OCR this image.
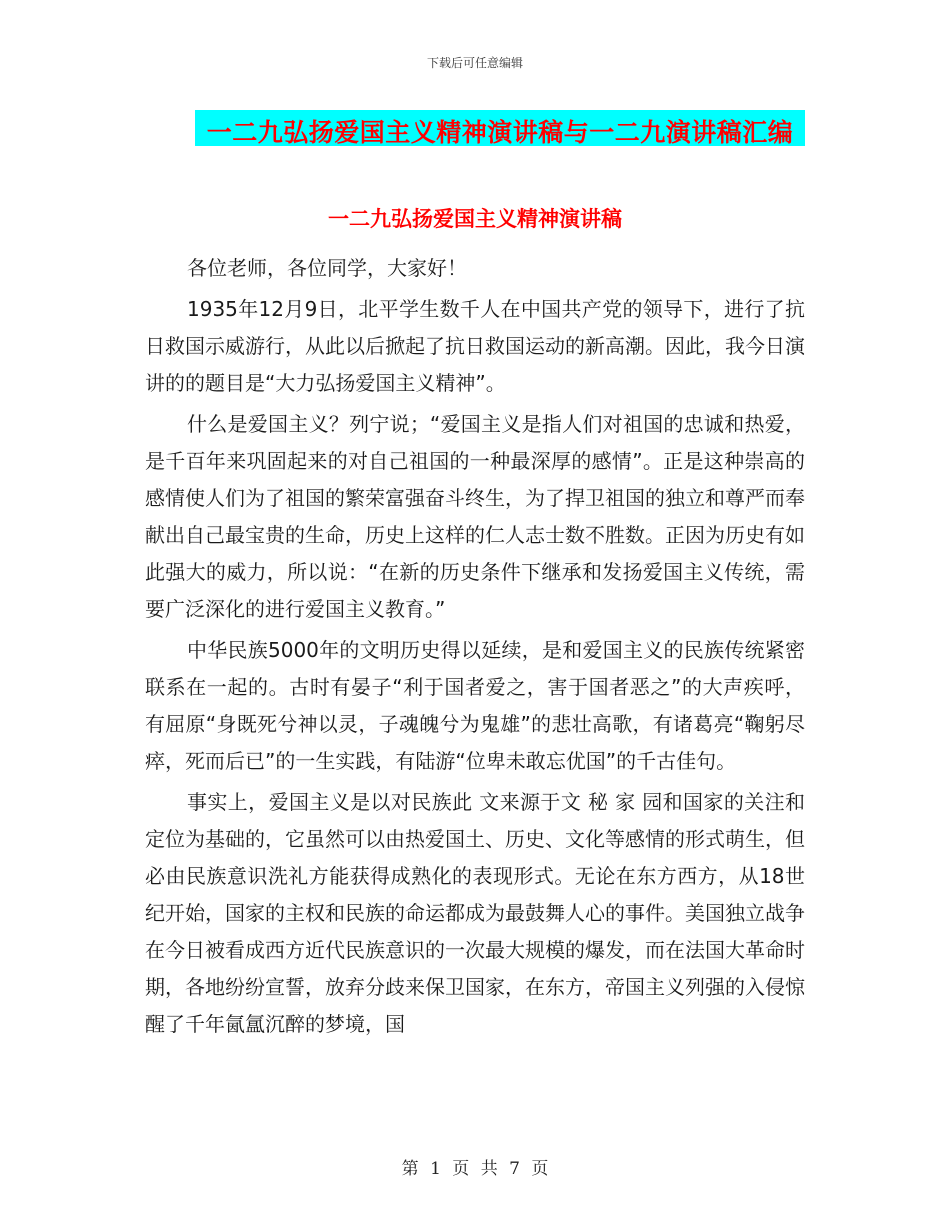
下载后可任意编辑
一二九弘扬爱国主义精神演讲稿与一二九演讲稿汇编
一二九弘扬爱国主义精神演讲稿

各位老师，各位同学，大家好！

1935年12月9日，北平学生数千人在中国共产党的领导下，进行了抗日救国示威游行，从此以后掀起了抗日救国运动的新高潮。因此，我今日演讲的的题目是“大力弘扬爱国主义精神”。

什么是爱国主义？列宁说；“爱国主义是指人们对祖国的忠诚和热爱，是千百年来巩固起来的对自己祖国的一种最深厚的感情”。正是这种崇高的感情使人们为了祖国的繁荣富强奋斗终生，为了捍卫祖国的独立和尊严而奉献出自己最宝贵的生命，历史上这样的仁人志士数不胜数。正因为历史有如此强大的威力，所以说：“在新的历史条件下继承和发扬爱国主义传统，需要广泛深化的进行爱国主义教育。”

中华民族5000年的文明历史得以延续，是和爱国主义的民族传统紧密联系在一起的。古时有晏子“利于国者爱之，害于国者恶之”的大声疾呼，有屈原“身既死兮神以灵，子魂魄兮为鬼雄”的悲壮高歌，有诸葛亮“鞠躬尽瘁，死而后已”的一生实践，有陆游“位卑未敢忘优国”的千古佳句。

事实上，爱国主义是以对民族此 文来源于文 秘 家 园和国家的关注和定位为基础的，它虽然可以由热爱国土、历史、文化等感情的形式萌生，但必由民族意识洗礼方能获得成熟化的表现形式。无论在东方西方，从18世纪开始，国家的主权和民族的命运都成为最鼓舞人心的事件。美国独立战争在今日被看成西方近代民族意识的一次最大规模的爆发，而在法国大革命时期，各地纷纷宣誓，放弃分歧来保卫国家，在东方，帝国主义列强的入侵惊醒了千年氤氲沉醉的梦境，国

第 1 页 共 7 页
